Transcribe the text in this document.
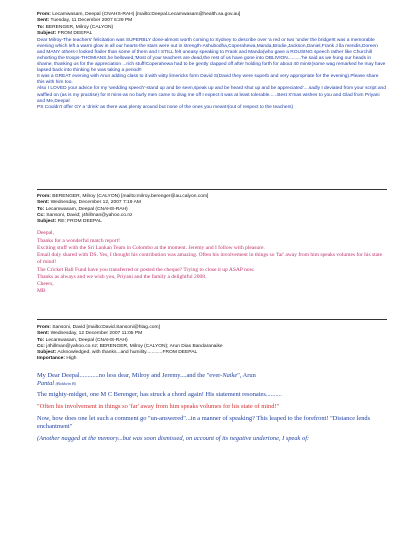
From: Lecamwasam, Deepal (CNAHS-RAH) [mailto:Deepal.Lecamwasam@health.sa.gov.au]
Sent: Tuesday, 11 December 2007 6:29 PM
To: BERENGER, Milroy (CALYON)
Subject: FROM DEEPAL

Dear Milroy-The teachers' felicitation was SUPERBLY done-almost worth coming to Sydney to describe over 'a red or two 'under the bridge!It was a memorable evening which left a warm glow in all our hearts-the stars were out in strength-Ashubodha,Coperahewa,Manda,Brodie,Jackson,Daniel,Frank J lla mendis,Doreen and MANY others-I looked frailer than some of them and I STILL felt uneasy speaking to Frank and Manda(who gave a ROUSING speech rather like Churchill exhorting the troops-THOMIANS,he bellowed,'Most of your teachers are dead,the rest of us have gone into OBLIVION..........'he said as we hung our heads in shame, thanking us for the appreciation ...rich stuff!Coperahewa had to be gently clapped off after holding forth for about 40 mins!(some wag remarked he may have lapsed back into thinking he was taking a period!!

It was a GREAT evening with Arun adding class to it with witty limericks form David S(David they were superb and very appropriate for the evening).Please share this with him too.

Also I LOVED your advice for my 'wedding speech'-stand up and be seen,speak up and be heard shut up and be appreciated'....sadly I deviated from your script and waffled on (as is my practise) for 8 mins-as no burly men came to drag me off I expect it was at least tolerable......Best X'mas wishes to you and Glad from Priyani and Me,Deepal

PS Couldn't offer GY a 'drink' as there was plenty around but none of the ones you meant!(out of respect to the teachers)

From: BERENGER, Milroy (CALYON) [mailto:milroy.berenger@au.calyon.com]
Sent: Wednesday, December 12, 2007 7:19 AM
To: Lecamwasam, Deepal (CNAHS-RAH)
Cc: Sansoni, David; j4hillman@yahoo.co.nz
Subject: RE: FROM DEEPAL
Deepal,
Thanks for a wonderful match report!
Exciting stuff with the Sri Lankan Team in Colombo at the moment. Jeremy and I follow with pleasure.
Email duly shared with DS. Yes, I thought his contribution was amazing. Often his involvement in things so 'far' away from him speaks volumes for his state of mind!
The Cricket Ball Fund have you transferred or posted the cheque? Trying to close it up ASAP now.
Thanks as always and we wish you, Priyani and the family a delightful 2008.
Cheers,
MB
From: Sansoni, David [mailto:David.Sansoni@hlag.com]
Sent: Wednesday, 12 December 2007 11:05 PM
To: Lecamwasam, Deepal (CNAHS-RAH)
Cc: j4hillman@yahoo.co.nz; BERENGER, Milroy (CALYON); Arun Dias Bandaranaike
Subject: Acknowledged, with thanks...and humility............FROM DEEPAL
Importance: High

My Dear Deepal............no less dear, Milroy and Jeremy....and the "ever-Naike", Arun
Pantal (Baldwin B)

The mighty-midget, one M C Berenger, has struck a chord again! His statement resonates..........

"Often his involvement in things so 'far' away from him speaks volumes for his state of mind!"

Now, how does one let such a comment go "un-answered"...in a manner of speaking? This leaped to the forefront! "Distance lends enchantment"

(Another nagged at the memory...but was soon dismissed, on account of its negative undertone, I speak of:
